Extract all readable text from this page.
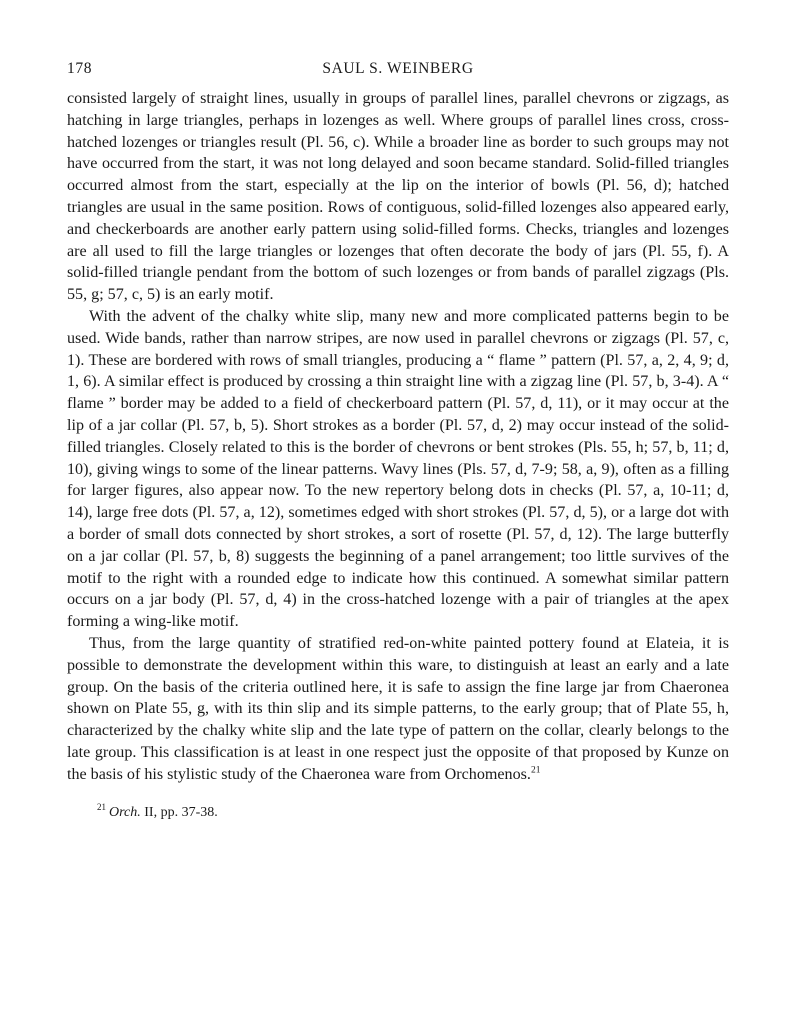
178	SAUL S. WEINBERG

consisted largely of straight lines, usually in groups of parallel lines, parallel chevrons or zigzags, as hatching in large triangles, perhaps in lozenges as well. Where groups of parallel lines cross, cross-hatched lozenges or triangles result (Pl. 56, c). While a broader line as border to such groups may not have occurred from the start, it was not long delayed and soon became standard. Solid-filled triangles occurred almost from the start, especially at the lip on the interior of bowls (Pl. 56, d); hatched triangles are usual in the same position. Rows of contiguous, solid-filled lozenges also appeared early, and checkerboards are another early pattern using solid-filled forms. Checks, triangles and lozenges are all used to fill the large triangles or lozenges that often decorate the body of jars (Pl. 55, f). A solid-filled triangle pendant from the bottom of such lozenges or from bands of parallel zigzags (Pls. 55, g; 57, c, 5) is an early motif.

With the advent of the chalky white slip, many new and more complicated patterns begin to be used. Wide bands, rather than narrow stripes, are now used in parallel chevrons or zigzags (Pl. 57, c, 1). These are bordered with rows of small triangles, producing a “ flame ” pattern (Pl. 57, a, 2, 4, 9; d, 1, 6). A similar effect is produced by crossing a thin straight line with a zigzag line (Pl. 57, b, 3-4). A “ flame ” border may be added to a field of checkerboard pattern (Pl. 57, d, 11), or it may occur at the lip of a jar collar (Pl. 57, b, 5). Short strokes as a border (Pl. 57, d, 2) may occur instead of the solid-filled triangles. Closely related to this is the border of chevrons or bent strokes (Pls. 55, h; 57, b, 11; d, 10), giving wings to some of the linear patterns. Wavy lines (Pls. 57, d, 7-9; 58, a, 9), often as a filling for larger figures, also appear now. To the new repertory belong dots in checks (Pl. 57, a, 10-11; d, 14), large free dots (Pl. 57, a, 12), sometimes edged with short strokes (Pl. 57, d, 5), or a large dot with a border of small dots connected by short strokes, a sort of rosette (Pl. 57, d, 12). The large butterfly on a jar collar (Pl. 57, b, 8) suggests the beginning of a panel arrangement; too little survives of the motif to the right with a rounded edge to indicate how this continued. A somewhat similar pattern occurs on a jar body (Pl. 57, d, 4) in the cross-hatched lozenge with a pair of triangles at the apex forming a wing-like motif.

Thus, from the large quantity of stratified red-on-white painted pottery found at Elateia, it is possible to demonstrate the development within this ware, to distinguish at least an early and a late group. On the basis of the criteria outlined here, it is safe to assign the fine large jar from Chaeronea shown on Plate 55, g, with its thin slip and its simple patterns, to the early group; that of Plate 55, h, characterized by the chalky white slip and the late type of pattern on the collar, clearly belongs to the late group. This classification is at least in one respect just the opposite of that proposed by Kunze on the basis of his stylistic study of the Chaeronea ware from Orchomenos.$^{21}$

$^{21}$ Orch. II, pp. 37-38.
